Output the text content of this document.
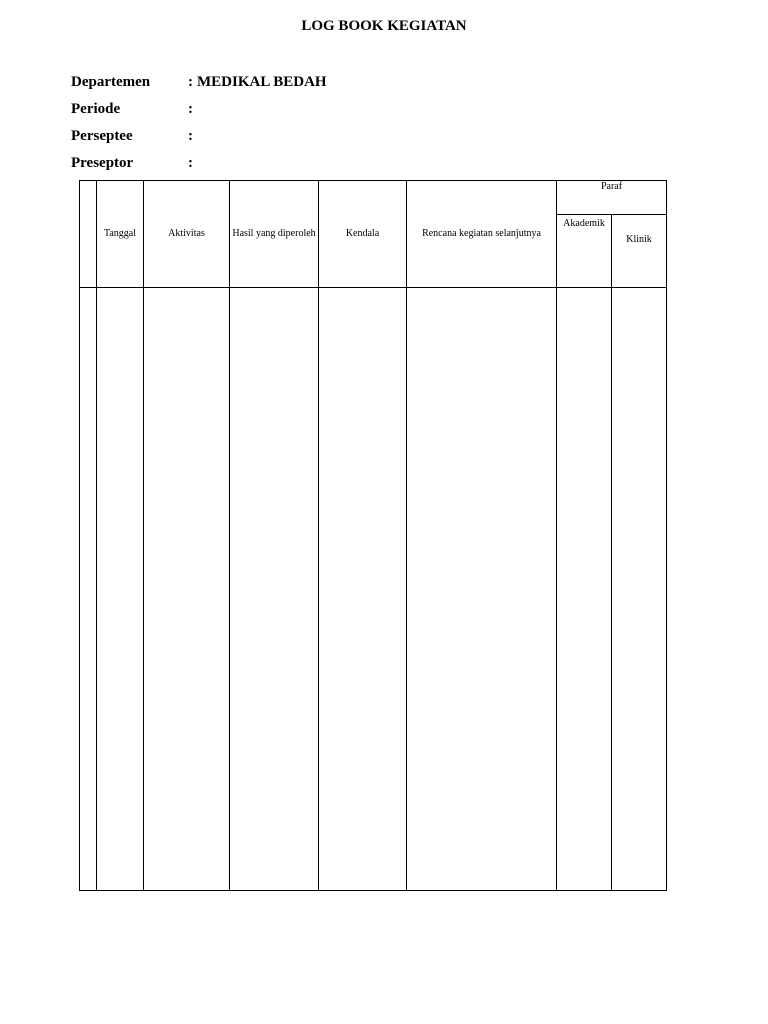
LOG BOOK KEGIATAN
Departemen	: MEDIKAL BEDAH
Periode	:
Perseptee	:
Preseptor	:
	Tanggal	Aktivitas	Hasil yang diperoleh	Kendala	Rencana kegiatan selanjutnya	Paraf	
						Akademik	Klinik
